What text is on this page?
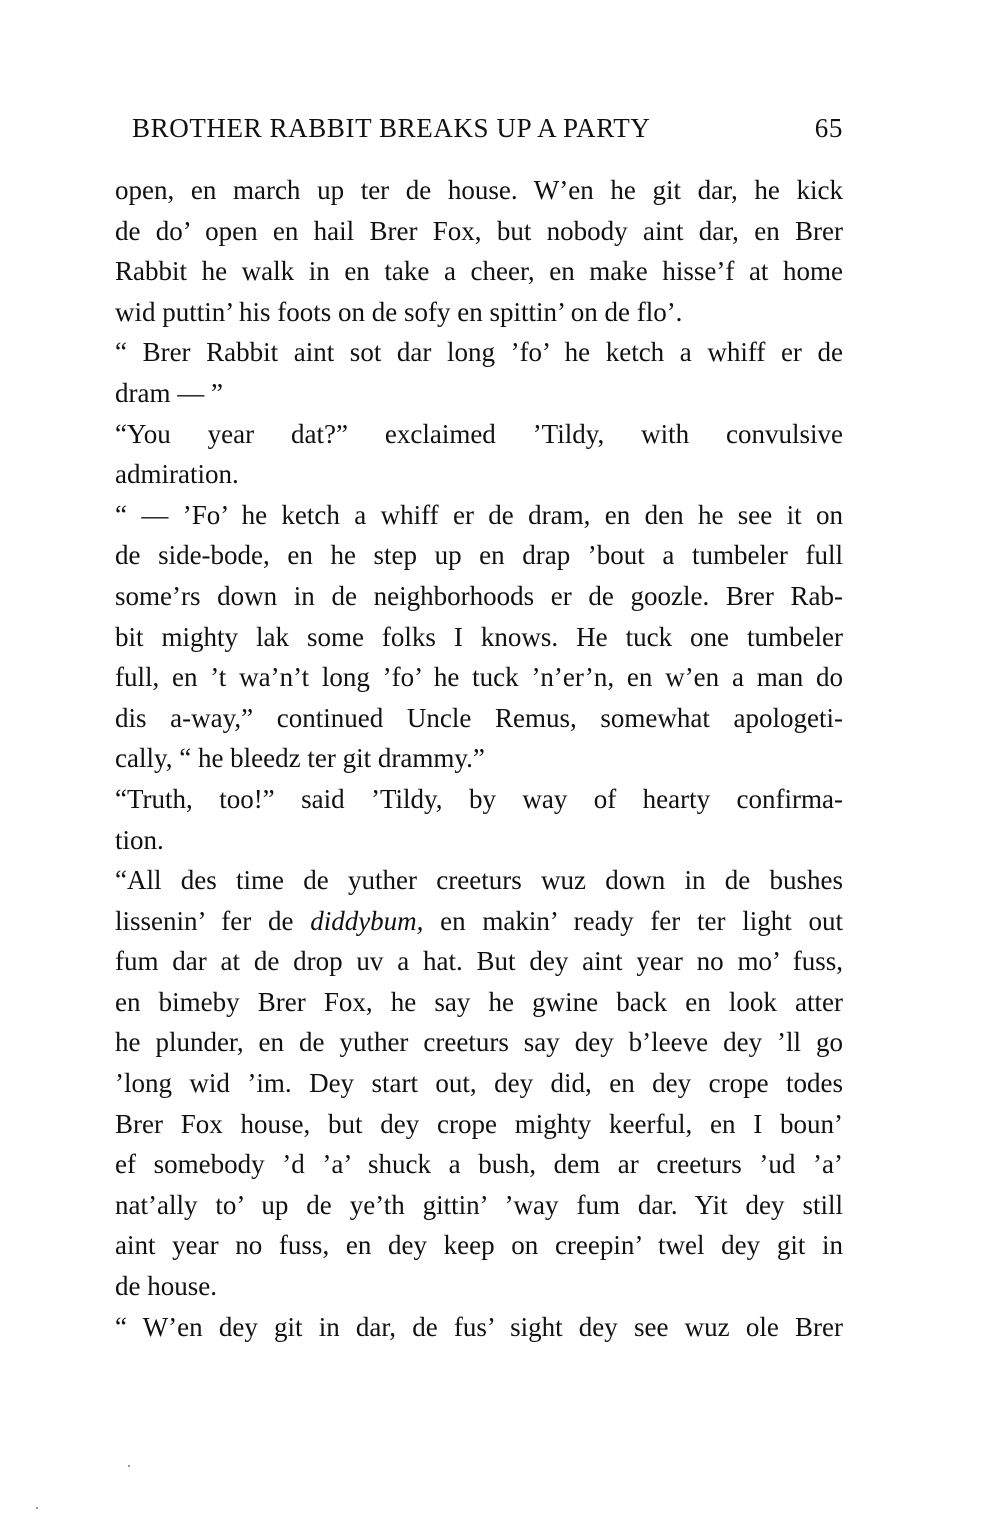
BROTHER RABBIT BREAKS UP A PARTY	65
open, en march up ter de house. W’en he git dar, he kick
de do’ open en hail Brer Fox, but nobody aint dar, en Brer
Rabbit he walk in en take a cheer, en make hisse’f at home
wid puttin’ his foots on de sofy en spittin’ on de flo’.
“ Brer Rabbit aint sot dar long ’fo’ he ketch a whiff er de
dram — ”
“You year dat?” exclaimed ’Tildy, with convulsive
admiration.
“ — ’Fo’ he ketch a whiff er de dram, en den he see it on
de side-bode, en he step up en drap ’bout a tumbeler full
some’rs down in de neighborhoods er de goozle. Brer Rab-
bit mighty lak some folks I knows. He tuck one tumbeler
full, en ’t wa’n’t long ’fo’ he tuck ’n’er’n, en w’en a man do
dis a-way,” continued Uncle Remus, somewhat apologeti-
cally, “ he bleedz ter git drammy.”
“Truth, too!” said ’Tildy, by way of hearty confirma-
tion.
“All des time de yuther creeturs wuz down in de bushes
lissenin’ fer de diddybum, en makin’ ready fer ter light out
fum dar at de drop uv a hat. But dey aint year no mo’ fuss,
en bimeby Brer Fox, he say he gwine back en look atter
he plunder, en de yuther creeturs say dey b’leeve dey ’ll go
’long wid ’im. Dey start out, dey did, en dey crope todes
Brer Fox house, but dey crope mighty keerful, en I boun’
ef somebody ’d ’a’ shuck a bush, dem ar creeturs ’ud ’a’
nat’ally to’ up de ye’th gittin’ ’way fum dar. Yit dey still
aint year no fuss, en dey keep on creepin’ twel dey git in
de house.
“ W’en dey git in dar, de fus’ sight dey see wuz ole Brer
